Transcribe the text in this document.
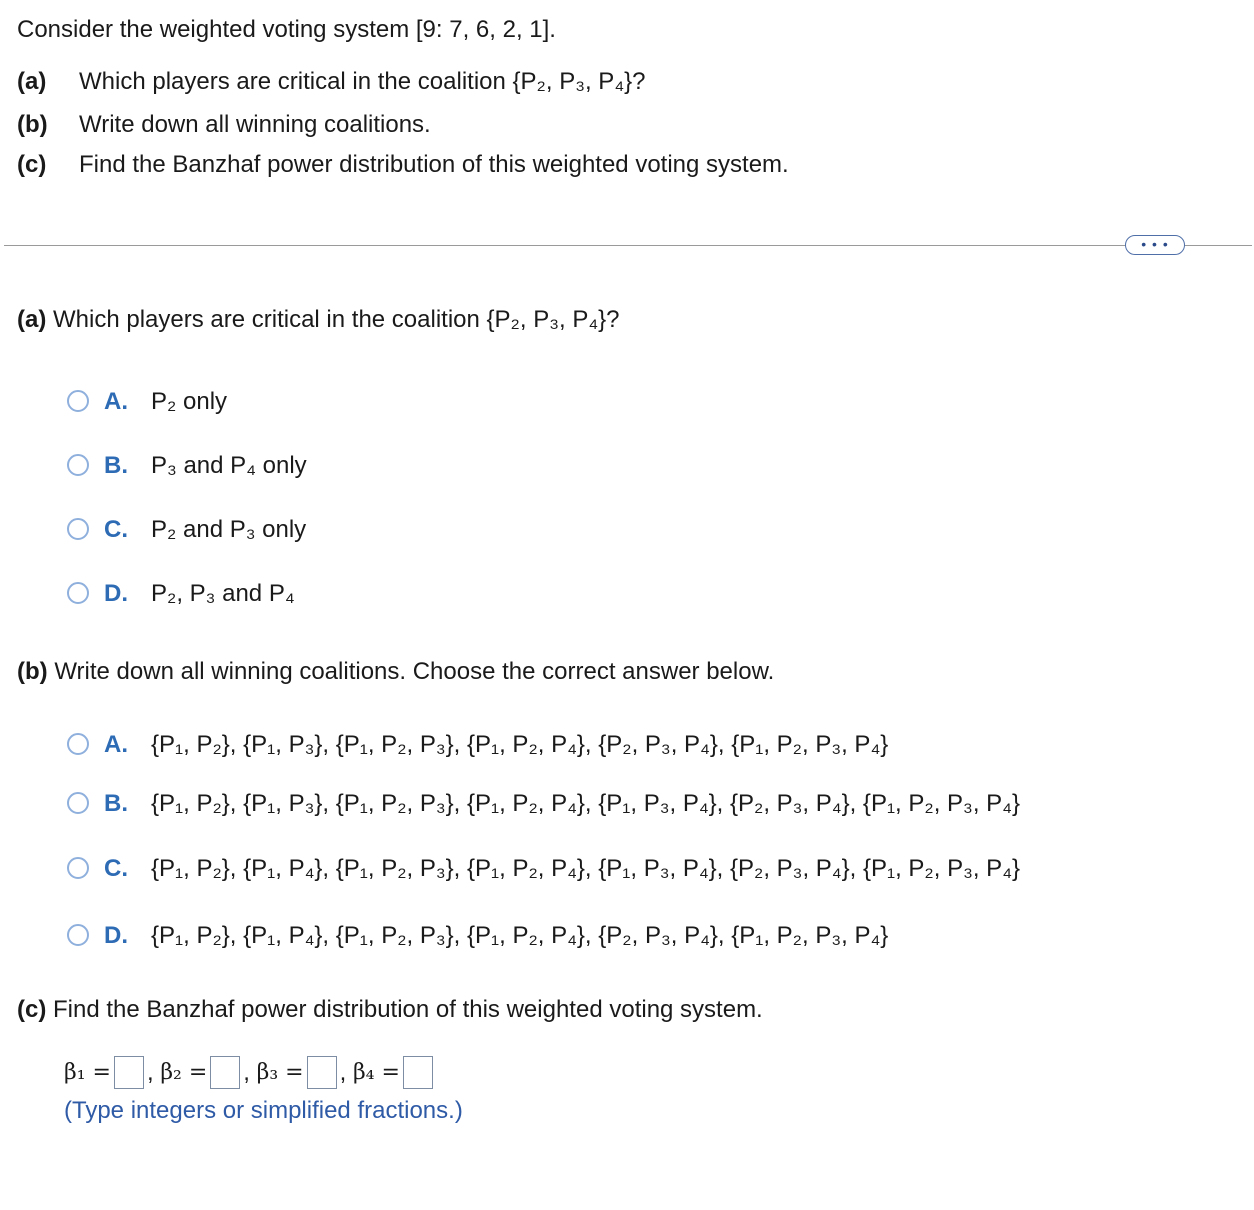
Consider the weighted voting system [9: 7, 6, 2, 1].
(a) Which players are critical in the coalition {P₂, P₃, P₄}?
(b) Write down all winning coalitions.
(c) Find the Banzhaf power distribution of this weighted voting system.
• • •
(a) Which players are critical in the coalition {P₂, P₃, P₄}?
A. P₂ only
B. P₃ and P₄ only
C. P₂ and P₃ only
D. P₂, P₃ and P₄
(b) Write down all winning coalitions. Choose the correct answer below.
A. {P₁, P₂}, {P₁, P₃}, {P₁, P₂, P₃}, {P₁, P₂, P₄}, {P₂, P₃, P₄}, {P₁, P₂, P₃, P₄}
B. {P₁, P₂}, {P₁, P₃}, {P₁, P₂, P₃}, {P₁, P₂, P₄}, {P₁, P₃, P₄}, {P₂, P₃, P₄}, {P₁, P₂, P₃, P₄}
C. {P₁, P₂}, {P₁, P₄}, {P₁, P₂, P₃}, {P₁, P₂, P₄}, {P₁, P₃, P₄}, {P₂, P₃, P₄}, {P₁, P₂, P₃, P₄}
D. {P₁, P₂}, {P₁, P₄}, {P₁, P₂, P₃}, {P₁, P₂, P₄}, {P₂, P₃, P₄}, {P₁, P₂, P₃, P₄}
(c) Find the Banzhaf power distribution of this weighted voting system.
β₁ = , β₂ = , β₃ = , β₄ =
(Type integers or simplified fractions.)
